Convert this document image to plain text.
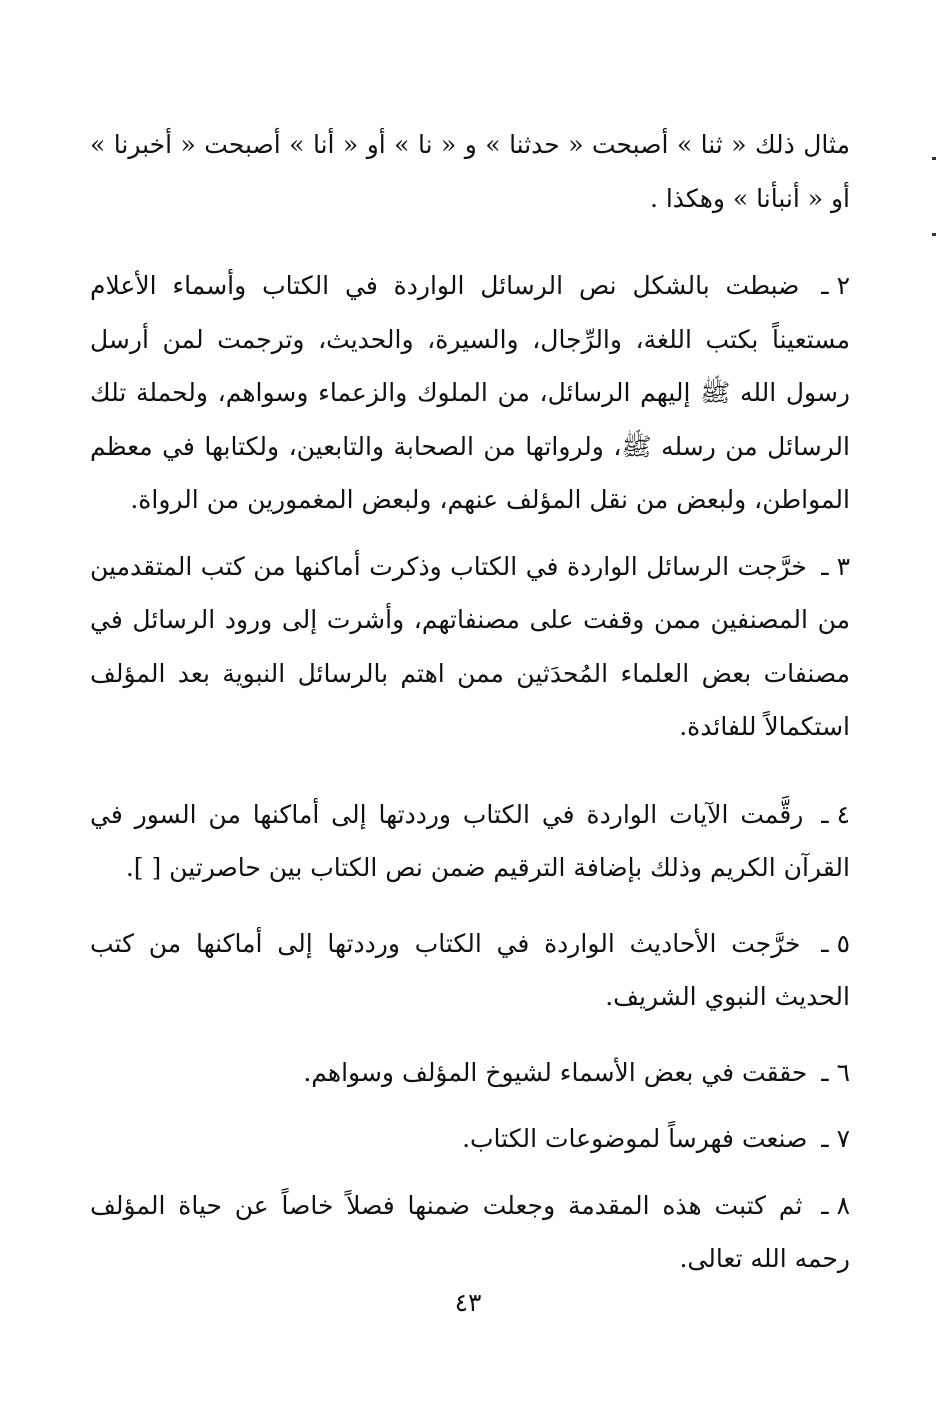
مثال ذلك « ثنا » أصبحت « حدثنا » و « نا » أو « أنا » أصبحت « أخبرنا » أو « أنبأنا » وهكذا .

٢ ـ ضبطت بالشكل نص الرسائل الواردة في الكتاب وأسماء الأعلام مستعيناً بكتب اللغة، والرِّجال، والسيرة، والحديث، وترجمت لمن أرسل رسول الله ﷺ إليهم الرسائل، من الملوك والزعماء وسواهم، ولحملة تلك الرسائل من رسله ﷺ، ولرواتها من الصحابة والتابعين، ولكتابها في معظم المواطن، ولبعض من نقل المؤلف عنهم، ولبعض المغمورين من الرواة.

٣ ـ خرَّجت الرسائل الواردة في الكتاب وذكرت أماكنها من كتب المتقدمين من المصنفين ممن وقفت على مصنفاتهم، وأشرت إلى ورود الرسائل في مصنفات بعض العلماء المُحدَثين ممن اهتم بالرسائل النبوية بعد المؤلف استكمالاً للفائدة.

٤ ـ رقَّمت الآيات الواردة في الكتاب ورددتها إلى أماكنها من السور في القرآن الكريم وذلك بإضافة الترقيم ضمن نص الكتاب بين حاصرتين [ ].

٥ ـ خرَّجت الأحاديث الواردة في الكتاب ورددتها إلى أماكنها من كتب الحديث النبوي الشريف.

٦ ـ حققت في بعض الأسماء لشيوخ المؤلف وسواهم.

٧ ـ صنعت فهرساً لموضوعات الكتاب.

٨ ـ ثم كتبت هذه المقدمة وجعلت ضمنها فصلاً خاصاً عن حياة المؤلف رحمه الله تعالى.

٤٣
